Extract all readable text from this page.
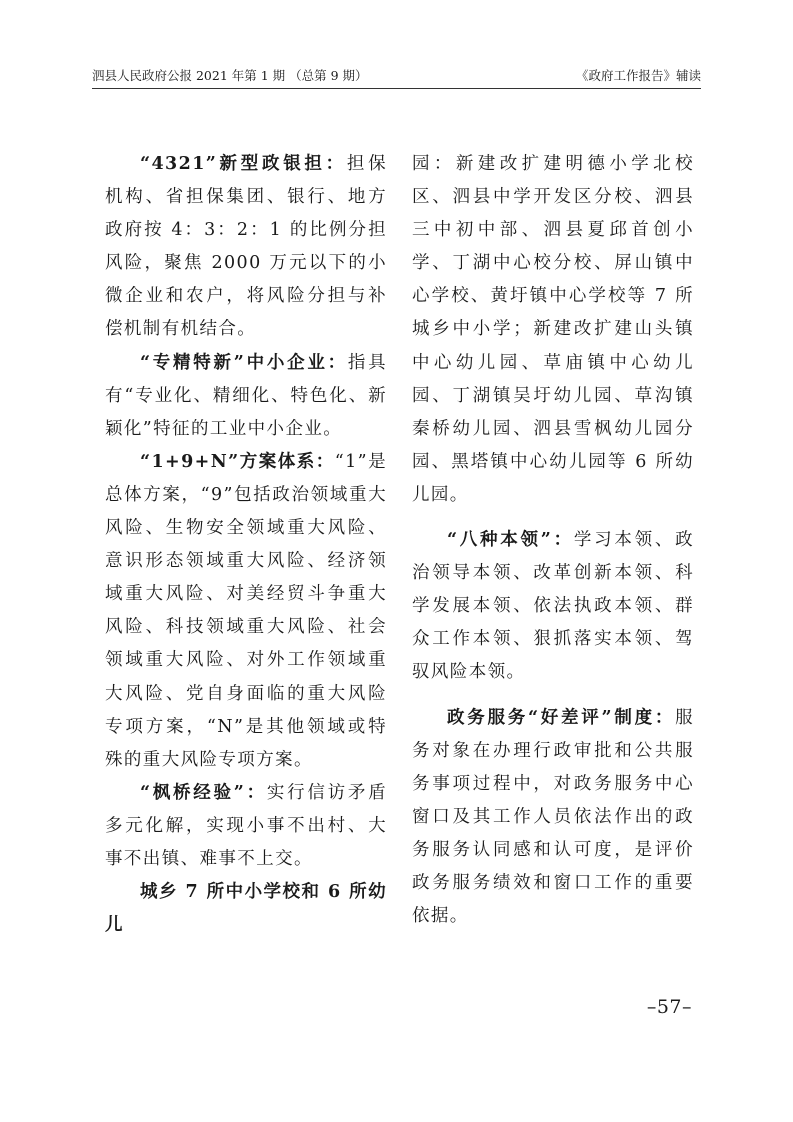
泗县人民政府公报 2021 年第 1 期 （总第 9 期）	《政府工作报告》辅读

“4321”新型政银担：担保机构、省担保集团、银行、地方政府按 4：3：2：1 的比例分担风险，聚焦 2000 万元以下的小微企业和农户，将风险分担与补偿机制有机结合。

“专精特新”中小企业：指具有“专业化、精细化、特色化、新颖化”特征的工业中小企业。

“1+9+N”方案体系：“1”是总体方案，“9”包括政治领域重大风险、生物安全领域重大风险、意识形态领域重大风险、经济领域重大风险、对美经贸斗争重大风险、科技领域重大风险、社会领域重大风险、对外工作领域重大风险、党自身面临的重大风险专项方案，“N”是其他领域或特殊的重大风险专项方案。

“枫桥经验”：实行信访矛盾多元化解，实现小事不出村、大事不出镇、难事不上交。

城乡 7 所中小学校和 6 所幼儿

园：新建改扩建明德小学北校区、泗县中学开发区分校、泗县三中初中部、泗县夏邱首创小学、丁湖中心校分校、屏山镇中心学校、黄圩镇中心学校等 7 所城乡中小学；新建改扩建山头镇中心幼儿园、草庙镇中心幼儿园、丁湖镇吴圩幼儿园、草沟镇秦桥幼儿园、泗县雪枫幼儿园分园、黑塔镇中心幼儿园等 6 所幼儿园。

“八种本领”：学习本领、政治领导本领、改革创新本领、科学发展本领、依法执政本领、群众工作本领、狠抓落实本领、驾驭风险本领。

政务服务“好差评”制度：服务对象在办理行政审批和公共服务事项过程中，对政务服务中心窗口及其工作人员依法作出的政务服务认同感和认可度，是评价政务服务绩效和窗口工作的重要依据。

–57–
